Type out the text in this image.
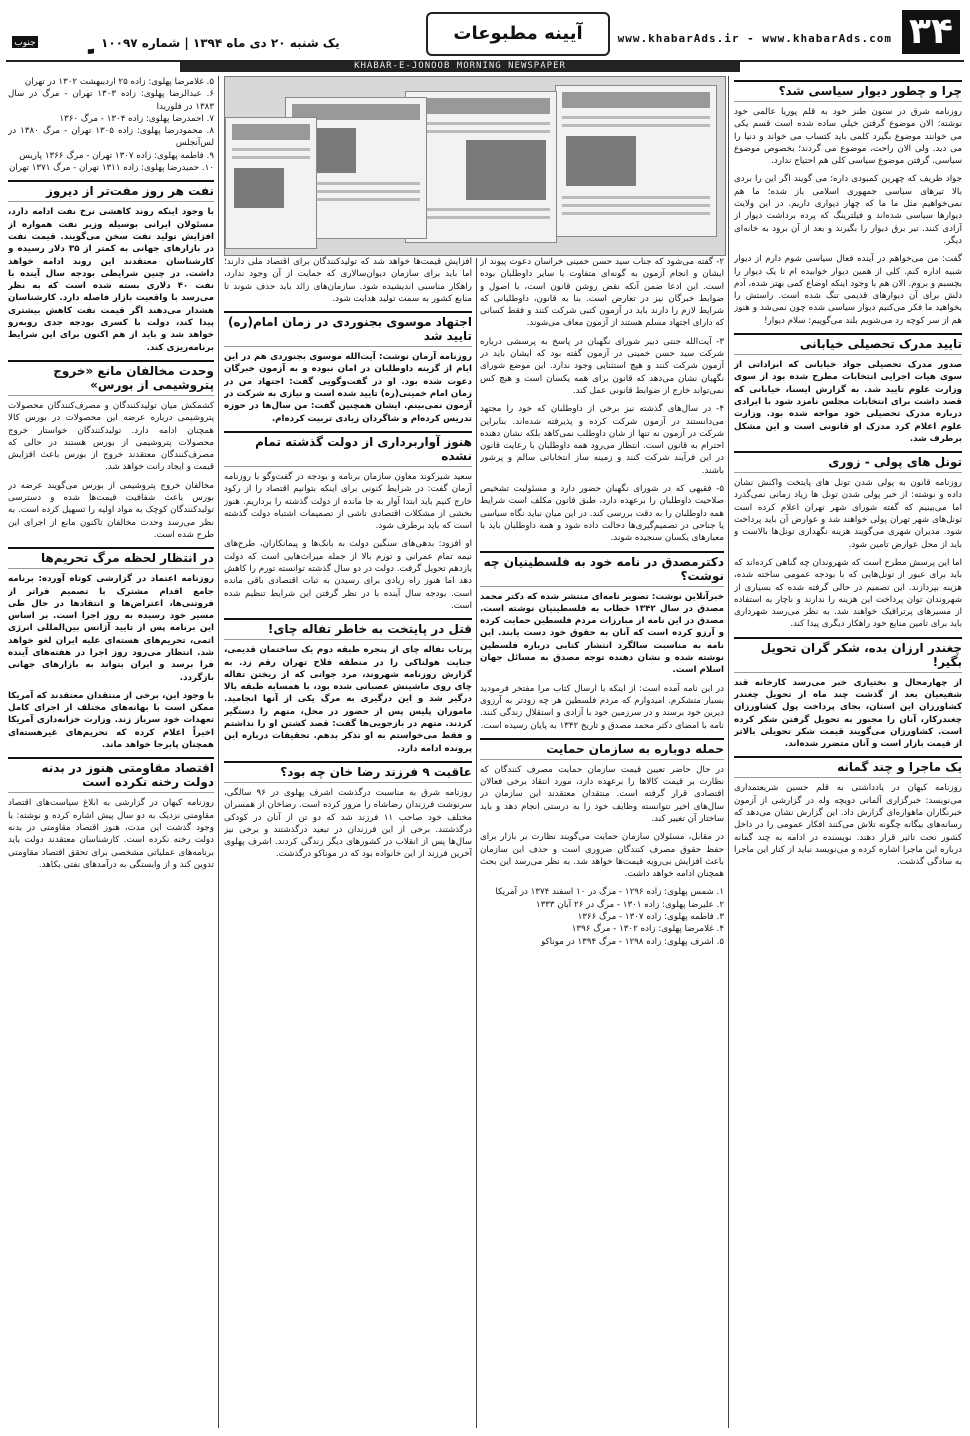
۳۴
www.khabarAds.ir - www.khabarAds.com
آیینه مطبوعات
یک شنبه ۲۰ دی ماه ۱۳۹۴ | شماره ۱۰۰۹۷
جنوب
KHABAR-E-JONOOB MORNING NEWSPAPER
چرا و چطور دیوار سیاسی شد؟

روزنامه شرق در ستون طنز خود به قلم پوریا عالمی خود نوشته: الان موضوع گرفتن خیلی ساده شده است قسم یکی می خوانند موضوع بگیرد کلمی باید کتساب می خواند و دنیا را می دید. ولی الان راحت، موضوع می گردند؛ بخصوص موضوع سیاسی. گرفتن موضوع سیاسی کلی هم احتیاج ندارد.

جواد ظریف که چهرین کمبودی داره؛ می گویند اگر این را بردی بالا تیرهای سیاسی جمهوری اسلامی باز شده؛ ما هم نمی‌خواهیم مثل ما ما که چهار دیواری داریم. در این ولایت دیوارها سیاسی شده‌اند و فیلترینگ که پرده برداشت دیوار از آزادی کنند. تیر برق دیوار را بگیرند و بعد از آن برود به خانه‌ای دیگر.

گفت: من می‌خواهم در آینده فعال سیاسی شوم دارم از دیوار شبیه اداره کنم. کلی از همین دیوار خوابیده ام تا یک دیوار را بچسبم و بروم. الان هم با وجود اینکه اوضاع کمی بهتر شده، آدم دلش برای آن دیوارهای قدیمی تنگ شده است. راستش را بخواهید ما فکر می‌کنیم دیوار سیاسی شده چون نمی‌شد و هنوز هم از سر کوچه رد می‌شویم بلند می‌گوییم: سلام دیوار!

تایید مدرک تحصیلی خیابانی

صدور مدرک تحصیلی جواد خیابانی که ابراداتی از سوی هیات اجرایی انتخابات مطرح شده بود از سوی وزارت علوم تایید شد. به گزارش ایسنا، خیابانی که قصد داشت برای انتخابات مجلس نامزد شود با ایرادی درباره مدرک تحصیلی خود مواجه شده بود. وزارت علوم اعلام کرد مدرک او قانونی است و این مشکل برطرف شد.

تونل های پولی - زوری

روزنامه قانون به پولی شدن تونل های پایتخت واکنش نشان داده و نوشته: از خبر پولی شدن تونل ها زیاد زمانی نمی‌گذرد اما می‌بینیم که گفته شورای شهر تهران اعلام کرده است تونل‌های شهر تهران پولی خواهند شد و عوارض آن باید پرداخت شود. مدیران شهری می‌گویند هزینه نگهداری تونل‌ها بالاست و باید از محل عوارض تامین شود.

اما این پرسش مطرح است که شهروندان چه گناهی کرده‌اند که باید برای عبور از تونل‌هایی که با بودجه عمومی ساخته شده، هزینه بپردازند. این تصمیم در حالی گرفته شده که بسیاری از شهروندان توان پرداخت این هزینه را ندارند و ناچار به استفاده از مسیرهای پرترافیک خواهند شد. به نظر می‌رسد شهرداری باید برای تامین منابع خود راهکار دیگری پیدا کند.

چغندر ارزان بده، شکر گران تحویل بگیر!

از چهارمحال و بختیاری خبر می‌رسد کارخانه قند شفیعیان بعد از گذشت چند ماه از تحویل چغندر کشاورزان این استان، بجای پرداخت پول کشاورزان چغندرکار، آنان را مجبور به تحویل گرفتن شکر کرده است. کشاورزان می‌گویند قیمت شکر تحویلی بالاتر از قیمت بازار است و آنان متضرر شده‌اند.

یک ماجرا و چند گمانه

روزنامه کیهان در یادداشتی به قلم حسین شریعتمداری می‌نویسد: خبرگزاری آلمانی دویچه وله در گزارشی از آزمون خبرنگاران ماهواره‌ای گزارش داد. این گزارش نشان می‌دهد که رسانه‌های بیگانه چگونه تلاش می‌کنند افکار عمومی را در داخل کشور تحت تاثیر قرار دهند. نویسنده در ادامه به چند گمانه درباره این ماجرا اشاره کرده و می‌نویسد نباید از کنار این ماجرا به سادگی گذشت.

۲- گفته می‌شود که جناب سید حسن خمینی خراسان دعوت پیوند از ایشان و انجام آزمون به گونه‌ای متفاوت با سایر داوطلبان بوده است. این ادعا ضمن آنکه نقض روشن قانون است، با اصول و ضوابط خبرگان نیز در تعارض است. بنا به قانون، داوطلبانی که شرایط لازم را دارند باید در آزمون کتبی شرکت کنند و فقط کسانی که دارای اجتهاد مسلم هستند از آزمون معاف می‌شوند.

۳- آیت‌الله جنتی دبیر شورای نگهبان در پاسخ به پرسشی درباره شرکت سید حسن خمینی در آزمون گفته بود که ایشان باید در آزمون شرکت کنند و هیچ استثنایی وجود ندارد. این موضع شورای نگهبان نشان می‌دهد که قانون برای همه یکسان است و هیچ کس نمی‌تواند خارج از ضوابط قانونی عمل کند.

۴- در سال‌های گذشته نیز برخی از داوطلبان که خود را مجتهد می‌دانستند در آزمون شرکت کرده و پذیرفته شده‌اند. بنابراین شرکت در آزمون نه تنها از شان داوطلب نمی‌کاهد بلکه نشان دهنده احترام به قانون است. انتظار می‌رود همه داوطلبان با رعایت قانون در این فرآیند شرکت کنند و زمینه ساز انتخاباتی سالم و پرشور باشند.

۵- فقیهی که در شورای نگهبان حضور دارد و مسئولیت تشخیص صلاحیت داوطلبان را برعهده دارد، طبق قانون مکلف است شرایط همه داوطلبان را به دقت بررسی کند. در این میان نباید نگاه سیاسی یا جناحی در تصمیم‌گیری‌ها دخالت داده شود و همه داوطلبان باید با معیارهای یکسان سنجیده شوند.

دکترمصدق در نامه خود به فلسطینیان چه نوشت؟

خبرآنلاین نوشت: تصویر نامه‌ای منتشر شده که دکتر محمد مصدق در سال ۱۳۴۲ خطاب به فلسطینیان نوشته است. مصدق در این نامه از مبارزات مردم فلسطین حمایت کرده و آرزو کرده است که آنان به حقوق خود دست یابند. این نامه به مناسبت سالگرد انتشار کتابی درباره فلسطین نوشته شده و نشان دهنده توجه مصدق به مسائل جهان اسلام است.

در این نامه آمده است: از اینکه با ارسال کتاب مرا مفتخر فرمودید بسیار متشکرم. امیدوارم که مردم فلسطین هر چه زودتر به آرزوی دیرین خود برسند و در سرزمین خود با آزادی و استقلال زندگی کنند. نامه با امضای دکتر محمد مصدق و تاریخ ۱۳۴۲ به پایان رسیده است.

حمله دوباره به سازمان حمایت

در حال حاضر تعیین قیمت سازمان حمایت مصرف کنندگان که نظارت بر قیمت کالاها را برعهده دارد، مورد انتقاد برخی فعالان اقتصادی قرار گرفته است. منتقدان معتقدند این سازمان در سال‌های اخیر نتوانسته وظایف خود را به درستی انجام دهد و باید ساختار آن تغییر کند.

در مقابل، مسئولان سازمان حمایت می‌گویند نظارت بر بازار برای حفظ حقوق مصرف کنندگان ضروری است و حذف این سازمان باعث افزایش بی‌رویه قیمت‌ها خواهد شد. به نظر می‌رسد این بحث همچنان ادامه خواهد داشت.

۱. شمس پهلوی: زاده ۱۲۹۶ - مرگ در ۱۰ اسفند ۱۳۷۴ در آمریکا
۲. علیرضا پهلوی: زاده ۱۳۰۱ - مرگ در ۲۶ آبان ۱۳۳۳
۳. فاطمه پهلوی: زاده ۱۳۰۷ - مرگ ۱۳۶۶
۴. غلامرضا پهلوی: زاده ۱۳۰۲ - مرگ ۱۳۹۶
۵. اشرف پهلوی: زاده ۱۲۹۸ - مرگ ۱۳۹۴ در موناکو

افزایش قیمت‌ها خواهد شد که تولیدکنندگان برای اقتصاد ملی دارند؛ اما باید برای سازمان دیوان‌سالاری که حمایت از آن وجود ندارد، راهکار مناسبی اندیشیده شود. سازمان‌های زائد باید حذف شوند تا منابع کشور به سمت تولید هدایت شود.

اجتهاد موسوی بجنوردی در زمان امام(ره) تایید شد

روزنامه آرمان نوشت: آیت‌الله موسوی بجنوردی هم در این ایام از گزینه داوطلبان در امان نبوده و به آزمون خبرگان دعوت شده بود. او در گفت‌وگویی گفت: اجتهاد من در زمان امام خمینی(ره) تایید شده است و نیازی به شرکت در آزمون نمی‌بینم. ایشان همچنین گفت: من سال‌ها در حوزه تدریس کرده‌ام و شاگردان زیادی تربیت کرده‌ام.

هنوز آواربرداری از دولت گذشته تمام نشده

سعید شیرکوند معاون سازمان برنامه و بودجه در گفت‌وگو با روزنامه آرمان گفت: در شرایط کنونی برای اینکه بتوانیم اقتصاد را از رکود خارج کنیم باید ابتدا آوار به جا مانده از دولت گذشته را برداریم. هنوز بخشی از مشکلات اقتصادی ناشی از تصمیمات اشتباه دولت گذشته است که باید برطرف شود.

او افزود: بدهی‌های سنگین دولت به بانک‌ها و پیمانکاران، طرح‌های نیمه تمام عمرانی و تورم بالا از جمله میراث‌هایی است که دولت یازدهم تحویل گرفت. دولت در دو سال گذشته توانسته تورم را کاهش دهد اما هنوز راه زیادی برای رسیدن به ثبات اقتصادی باقی مانده است. بودجه سال آینده با در نظر گرفتن این شرایط تنظیم شده است.

قتل در پایتخت به خاطر تفاله چای!

پرتاب تفاله چای از پنجره طبقه دوم یک ساختمان قدیمی، جنایت هولناکی را در منطقه فلاح تهران رقم زد. به گزارش روزنامه شهروند، مرد جوانی که از ریختن تفاله چای روی ماشینش عصبانی شده بود، با همسایه طبقه بالا درگیر شد و این درگیری به مرگ یکی از آنها انجامید. ماموران پلیس پس از حضور در محل، متهم را دستگیر کردند. متهم در بازجویی‌ها گفت: قصد کشتن او را نداشتم و فقط می‌خواستم به او تذکر بدهم. تحقیقات درباره این پرونده ادامه دارد.

عاقبت ۹ فرزند رضا خان چه بود؟

روزنامه شرق به مناسبت درگذشت اشرف پهلوی در ۹۶ سالگی، سرنوشت فرزندان رضاشاه را مرور کرده است. رضاخان از همسران مختلف خود صاحب ۱۱ فرزند شد که دو تن از آنان در کودکی درگذشتند. برخی از این فرزندان در تبعید درگذشتند و برخی نیز سال‌ها پس از انقلاب در کشورهای دیگر زندگی کردند. اشرف پهلوی آخرین فرزند از این خانواده بود که در موناکو درگذشت.

۵. غلامرضا پهلوی: زاده ۲۵ اردیبهشت ۱۳۰۲ در تهران
۶. عبدالرضا پهلوی: زاده ۱۳۰۳ تهران - مرگ در سال ۱۳۸۳ در فلوریدا
۷. احمدرضا پهلوی: زاده ۱۳۰۴ - مرگ ۱۳۶۰
۸. محمودرضا پهلوی: زاده ۱۳۰۵ تهران - مرگ ۱۳۸۰ در لس‌آنجلس
۹. فاطمه پهلوی: زاده ۱۳۰۷ تهران - مرگ ۱۳۶۶ پاریس
۱۰. حمیدرضا پهلوی: زاده ۱۳۱۱ تهران - مرگ ۱۳۷۱ تهران
نفت هر روز مفت‌تر از دیروز

با وجود اینکه روند کاهشی نرخ نفت ادامه دارد، مسئولان ایرانی بوسیله وزیر نفت همواره از افزایش تولید نفت سخن می‌گویند. قیمت نفت در بازارهای جهانی به کمتر از ۳۵ دلار رسیده و کارشناسان معتقدند این روند ادامه خواهد داشت. در چنین شرایطی بودجه سال آینده با نفت ۴۰ دلاری بسته شده است که به نظر می‌رسد با واقعیت بازار فاصله دارد. کارشناسان هشدار می‌دهند اگر قیمت نفت کاهش بیشتری پیدا کند، دولت با کسری بودجه جدی روبه‌رو خواهد شد و باید از هم اکنون برای این شرایط برنامه‌ریزی کند.

وحدت مخالفان مانع «خروج پتروشیمی از بورس»

کشمکش میان تولیدکنندگان و مصرف‌کنندگان محصولات پتروشیمی درباره عرضه این محصولات در بورس کالا همچنان ادامه دارد. تولیدکنندگان خواستار خروج محصولات پتروشیمی از بورس هستند در حالی که مصرف‌کنندگان معتقدند خروج از بورس باعث افزایش قیمت و ایجاد رانت خواهد شد.

مخالفان خروج پتروشیمی از بورس می‌گویند عرضه در بورس باعث شفافیت قیمت‌ها شده و دسترسی تولیدکنندگان کوچک به مواد اولیه را تسهیل کرده است. به نظر می‌رسد وحدت مخالفان تاکنون مانع از اجرای این طرح شده است.

در انتظار لحظه مرگ تحریم‌ها

روزنامه اعتماد در گزارشی کوتاه آورده: برنامه جامع اقدام مشترک با تصمیم فراتر از فروتنی‌ها، اعتراض‌ها و انتقادها در حال طی مسیر خود رسیده به روز اجرا است. بر اساس این برنامه پس از تایید آژانس بین‌المللی انرژی اتمی، تحریم‌های هسته‌ای علیه ایران لغو خواهد شد. انتظار می‌رود روز اجرا در هفته‌های آینده فرا برسد و ایران بتواند به بازارهای جهانی بازگردد.

با وجود این، برخی از منتقدان معتقدند که آمریکا ممکن است با بهانه‌های مختلف از اجرای کامل تعهدات خود سرباز زند. وزارت خزانه‌داری آمریکا اخیراً اعلام کرده که تحریم‌های غیرهسته‌ای همچنان پابرجا خواهد ماند.

اقتصاد مقاومتی هنوز در بدنه دولت رخنه نکرده است

روزنامه کیهان در گزارشی به ابلاغ سیاست‌های اقتصاد مقاومتی نزدیک به دو سال پیش اشاره کرده و نوشته: با وجود گذشت این مدت، هنوز اقتصاد مقاومتی در بدنه دولت رخنه نکرده است. کارشناسان معتقدند دولت باید برنامه‌های عملیاتی مشخصی برای تحقق اقتصاد مقاومتی تدوین کند و از وابستگی به درآمدهای نفتی بکاهد.
